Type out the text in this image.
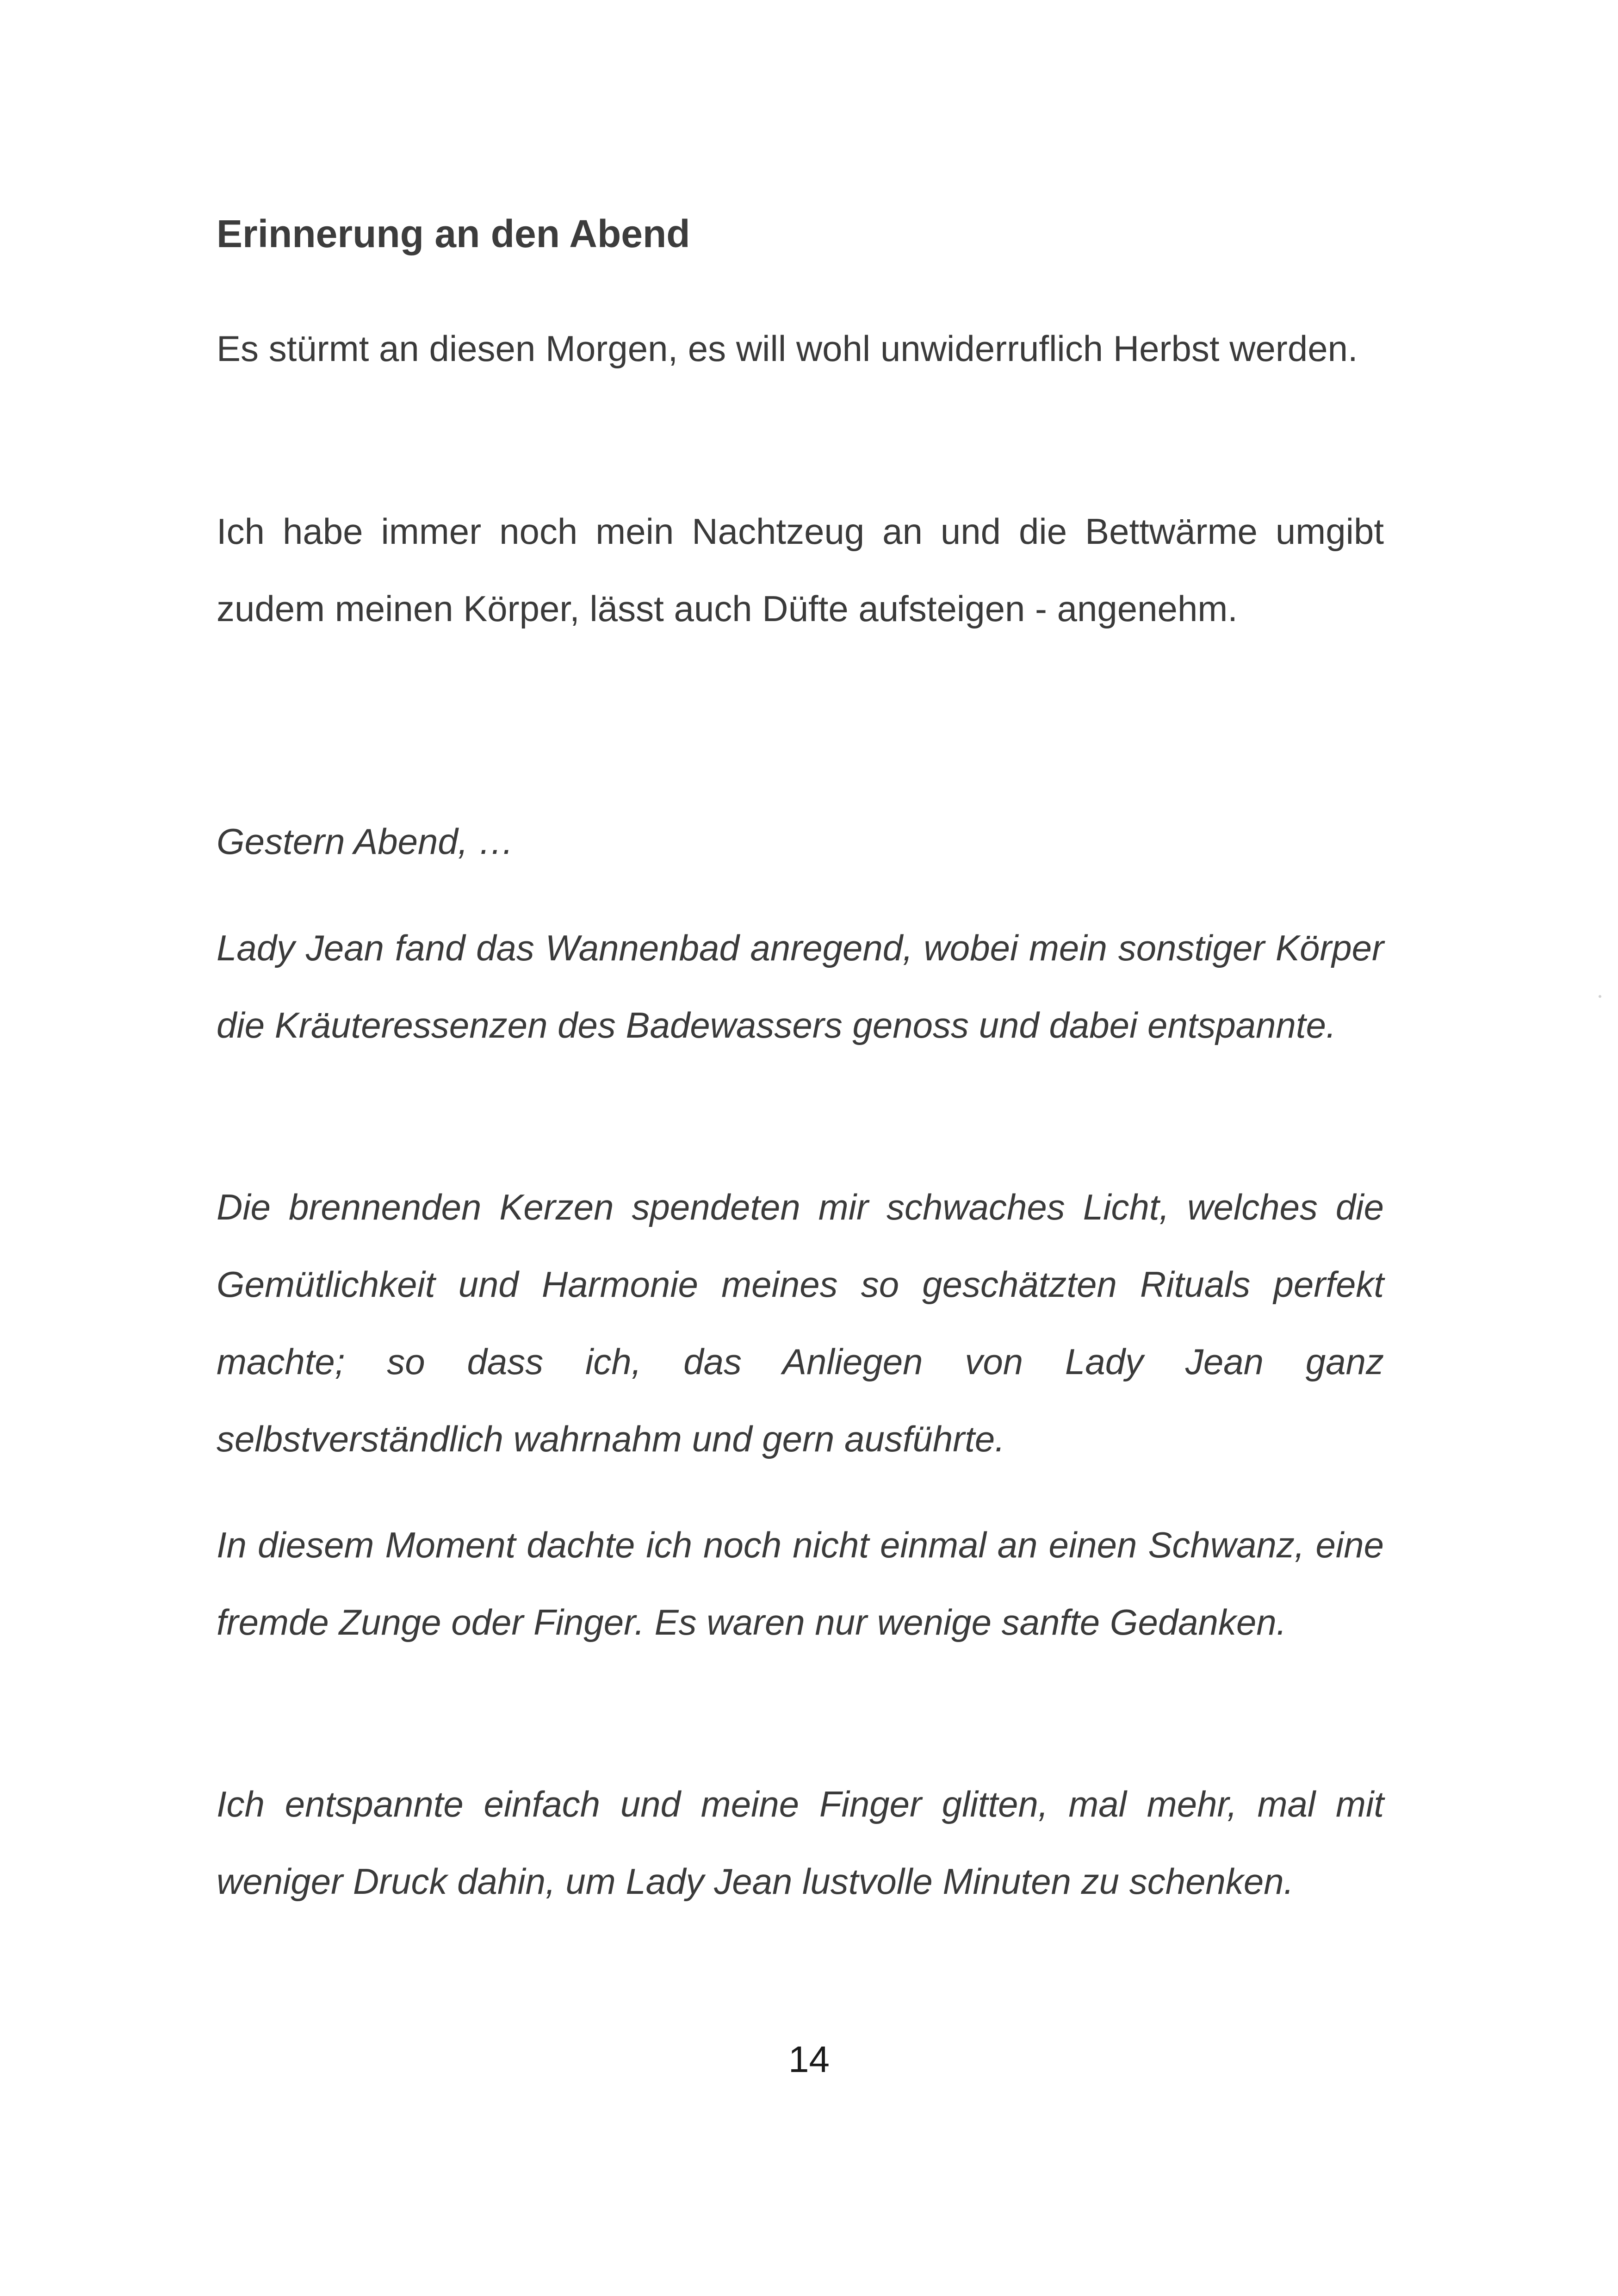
Erinnerung an den Abend

Es stürmt an diesen Morgen, es will wohl unwiderruflich Herbst werden.

Ich habe immer noch mein Nachtzeug an und die Bettwärme umgibt zudem meinen Körper, lässt auch Düfte aufsteigen - angenehm.

Gestern Abend, …

Lady Jean fand das Wannenbad anregend, wobei mein sonstiger Körper die Kräuteressenzen des Badewassers genoss und dabei entspannte.

Die brennenden Kerzen spendeten mir schwaches Licht, welches die Gemütlichkeit und Harmonie meines so geschätzten Rituals perfekt machte; so dass ich, das Anliegen von Lady Jean ganz selbstverständlich wahrnahm und gern ausführte.

In diesem Moment dachte ich noch nicht einmal an einen Schwanz, eine fremde Zunge oder Finger. Es waren nur wenige sanfte Gedanken.

Ich entspannte einfach und meine Finger glitten, mal mehr, mal mit weniger Druck dahin, um Lady Jean lustvolle Minuten zu schenken.

14
